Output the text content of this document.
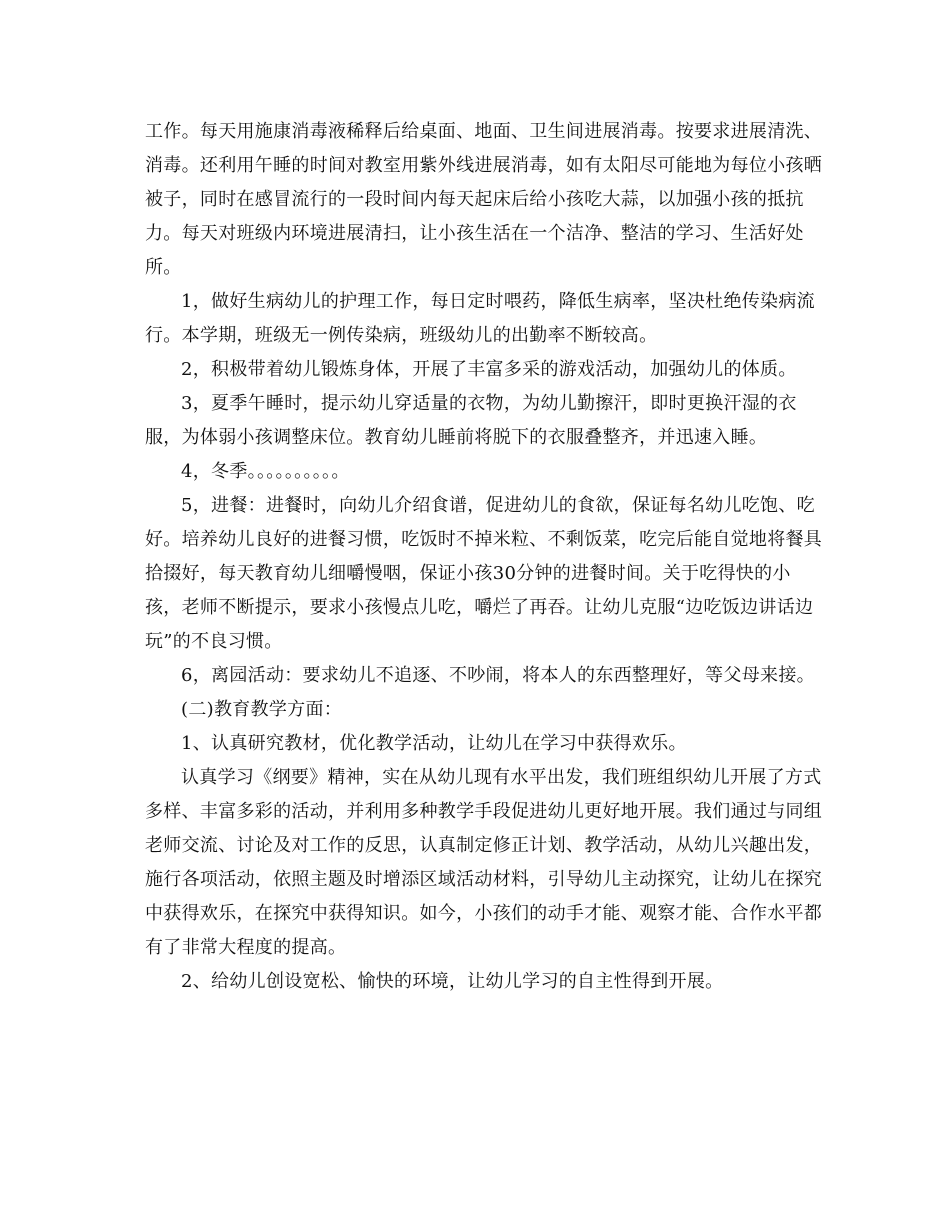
工作。每天用施康消毒液稀释后给桌面、地面、卫生间进展消毒。按要求进展清洗、消毒。还利用午睡的时间对教室用紫外线进展消毒，如有太阳尽可能地为每位小孩晒被子，同时在感冒流行的一段时间内每天起床后给小孩吃大蒜，以加强小孩的抵抗力。每天对班级内环境进展清扫，让小孩生活在一个洁净、整洁的学习、生活好处所。

1，做好生病幼儿的护理工作，每日定时喂药，降低生病率，坚决杜绝传染病流行。本学期，班级无一例传染病，班级幼儿的出勤率不断较高。

2，积极带着幼儿锻炼身体，开展了丰富多采的游戏活动，加强幼儿的体质。

3，夏季午睡时，提示幼儿穿适量的衣物，为幼儿勤擦汗，即时更换汗湿的衣服，为体弱小孩调整床位。教育幼儿睡前将脱下的衣服叠整齐，并迅速入睡。

4，冬季。。。。。。。。。。

5，进餐：进餐时，向幼儿介绍食谱，促进幼儿的食欲，保证每名幼儿吃饱、吃好。培养幼儿良好的进餐习惯，吃饭时不掉米粒、不剩饭菜，吃完后能自觉地将餐具拾掇好，每天教育幼儿细嚼慢咽，保证小孩30分钟的进餐时间。关于吃得快的小孩，老师不断提示，要求小孩慢点儿吃，嚼烂了再吞。让幼儿克服“边吃饭边讲话边玩”的不良习惯。

6，离园活动：要求幼儿不追逐、不吵闹，将本人的东西整理好，等父母来接。

(二)教育教学方面：

1、认真研究教材，优化教学活动，让幼儿在学习中获得欢乐。

认真学习《纲要》精神，实在从幼儿现有水平出发，我们班组织幼儿开展了方式多样、丰富多彩的活动，并利用多种教学手段促进幼儿更好地开展。我们通过与同组老师交流、讨论及对工作的反思，认真制定修正计划、教学活动，从幼儿兴趣出发，施行各项活动，依照主题及时增添区域活动材料，引导幼儿主动探究，让幼儿在探究中获得欢乐，在探究中获得知识。如今，小孩们的动手才能、观察才能、合作水平都有了非常大程度的提高。

2、给幼儿创设宽松、愉快的环境，让幼儿学习的自主性得到开展。
